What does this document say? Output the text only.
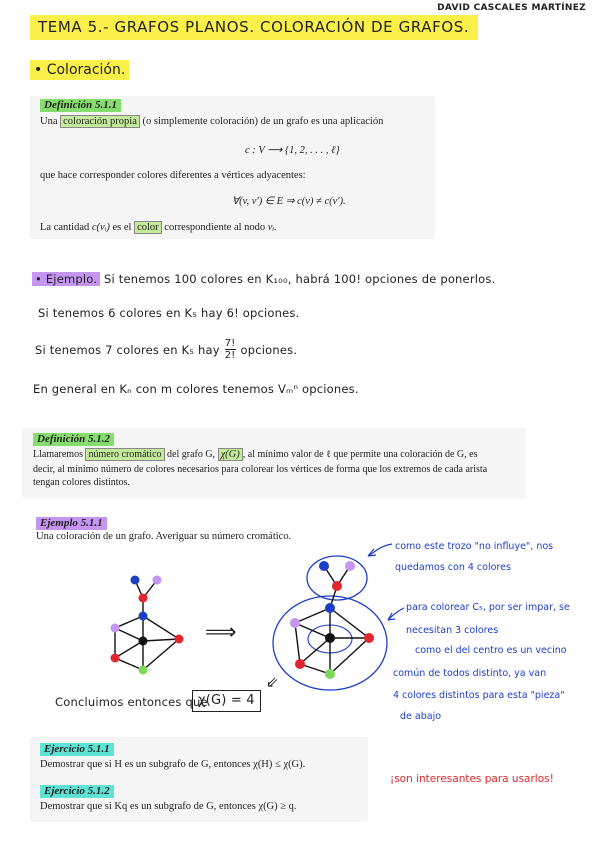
DAVID CASCALES MARTÍNEZ
TEMA 5.- GRAFOS PLANOS. COLORACIÓN DE GRAFOS.
• Coloración.
Definición 5.1.1
Una coloración propia (o simplemente coloración) de un grafo es una aplicación
c : V ⟶ {1, 2, . . . , ℓ}
que hace corresponder colores diferentes a vértices adyacentes:
∀(v, v′) ∈ E ⇒ c(v) ≠ c(v′).
La cantidad c(vᵢ) es el color correspondiente al nodo vᵢ.
• Ejemplo. Si tenemos 100 colores en K₁₀₀, habrá 100! opciones de ponerlos.
Si tenemos 6 colores en K₅ hay 6! opciones.
Si tenemos 7 colores en K₅ hay 7!
2! opciones.
En general en Kₙ con m colores tenemos Vₘⁿ opciones.
Definición 5.1.2
Llamaremos número cromático del grafo G, χ(G) , al mínimo valor de ℓ que permite una coloración de G, es
decir, al mínimo número de colores necesarios para colorear los vértices de forma que los extremos de cada arista
tengan colores distintos.
Ejemplo 5.1.1
Una coloración de un grafo. Averiguar su número cromático.
⟹
⇙
como este trozo "no influye", nos
quedamos con 4 colores
para colorear C₅, por ser impar, se
necesitan 3 colores
como el del centro es un vecino
común de todos distinto, ya van
4 colores distintos para esta "pieza"
de abajo
Concluimos entonces que
χ(G) = 4
Ejercicio 5.1.1
Demostrar que si H es un subgrafo de G, entonces χ(H) ≤ χ(G).
Ejercicio 5.1.2
Demostrar que si Kq es un subgrafo de G, entonces χ(G) ≥ q.
¡son interesantes para usarlos!
